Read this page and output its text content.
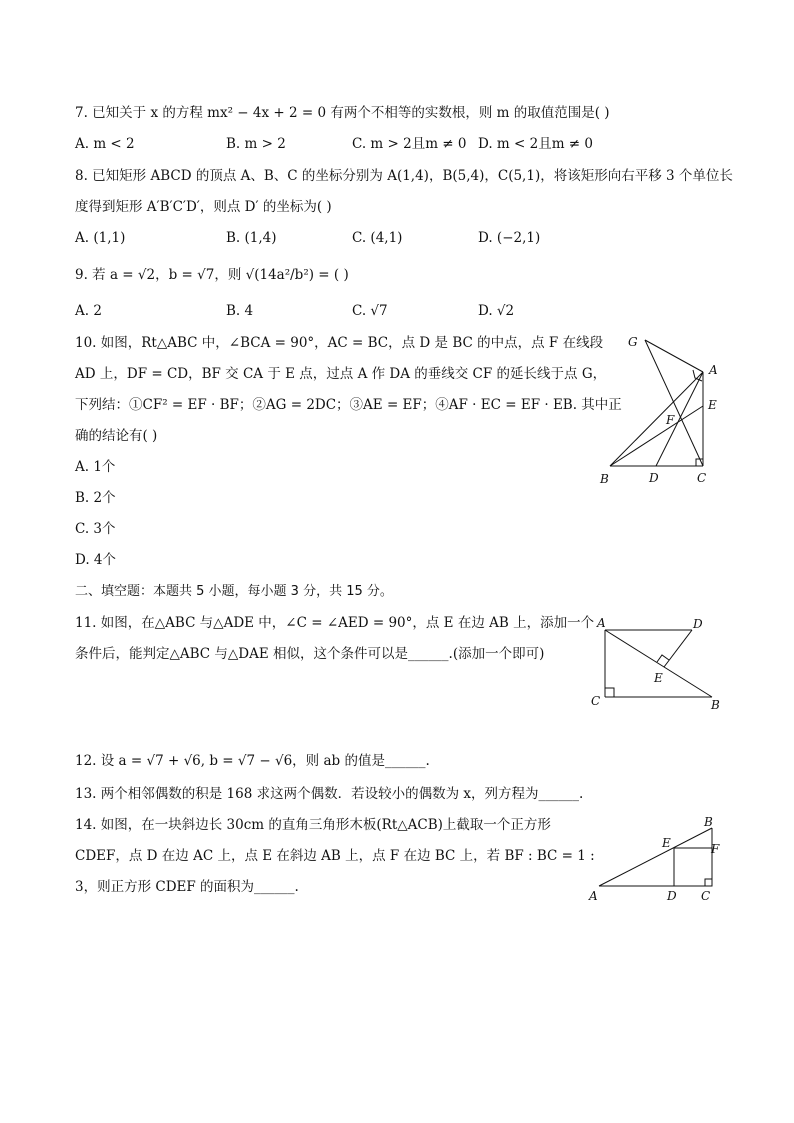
7. 已知关于 x 的方程 mx² − 4x + 2 = 0 有两个不相等的实数根，则 m 的取值范围是( )
A. m < 2	B. m > 2	C. m > 2且m ≠ 0 D. m < 2且m ≠ 0
8. 已知矩形 ABCD 的顶点 A、B、C 的坐标分别为 A(1,4)，B(5,4)，C(5,1)，将该矩形向右平移 3 个单位长
度得到矩形 A′B′C′D′，则点 D′ 的坐标为( )
A. (1,1)	B. (1,4)	C. (4,1)	D. (−2,1)
9. 若 a = √2，b = √7，则 √(14a²/b²) = ( )
A. 2	B. 4	C. √7	D. √2
10. 如图，Rt△ABC 中，∠BCA = 90°，AC = BC，点 D 是 BC 的中点，点 F 在线段
AD 上，DF = CD，BF 交 CA 于 E 点，过点 A 作 DA 的垂线交 CF 的延长线于点 G，
下列结：①CF² = EF · BF；②AG = 2DC；③AE = EF；④AF · EC = EF · EB. 其中正
确的结论有( )
A. 1个
B. 2个
C. 3个
D. 4个
G
A
E
F
B	D	C
二、填空题：本题共 5 小题，每小题 3 分，共 15 分。
11. 如图，在△ABC 与△ADE 中，∠C = ∠AED = 90°，点 E 在边 AB 上，添加一个
条件后，能判定△ABC 与△DAE 相似，这个条件可以是______.(添加一个即可)
A	D
E
C	B
12. 设 a = √7 + √6, b = √7 − √6，则 ab 的值是______.
13. 两个相邻偶数的积是 168 求这两个偶数．若设较小的偶数为 x，列方程为______.
14. 如图，在一块斜边长 30cm 的直角三角形木板(Rt△ACB)上截取一个正方形
CDEF，点 D 在边 AC 上，点 E 在斜边 AB 上，点 F 在边 BC 上，若 BF : BC = 1 :
3，则正方形 CDEF 的面积为______.
B
E	F
A	D C
